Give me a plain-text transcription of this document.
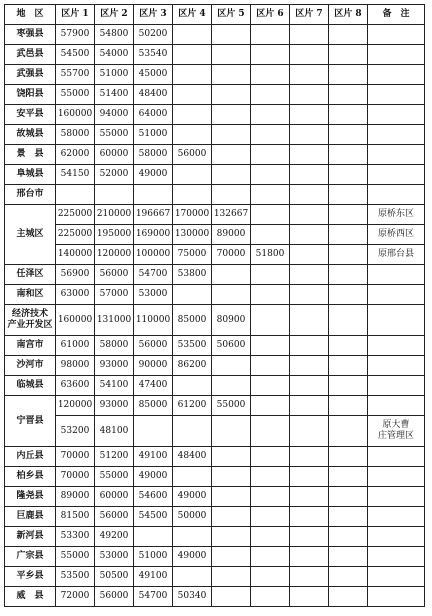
地　区	区片 1	区片 2	区片 3	区片 4	区片 5	区片 6	区片 7	区片 8	备　注
枣强县	57900	54800	50200						
武邑县	54500	54000	53540						
武强县	55700	51000	45000						
饶阳县	55000	51400	48400						
安平县	160000	94000	64000						
故城县	58000	55000	51000						
景　县	62000	60000	58000	56000					
阜城县	54150	52000	49000						
邢台市									
主城区	225000	210000	196667	170000	132667				原桥东区
	225000	195000	169000	130000	89000				原桥西区
	140000	120000	100000	75000	70000	51800			原邢台县
任泽区	56900	56000	54700	53800					
南和区	63000	57000	53000						
经济技术
产业开发区	160000	131000	110000	85000	80900				
南宫市	61000	58000	56000	53500	50600				
沙河市	98000	93000	90000	86200					
临城县	63600	54100	47400						
宁晋县	120000	93000	85000	61200	55000				
	53200	48100							原大曹
庄管理区
内丘县	70000	51200	49100	48400					
柏乡县	70000	55000	49000						
隆尧县	89000	60000	54600	49000					
巨鹿县	81500	56000	54500	50000					
新河县	53300	49200							
广宗县	55000	53000	51000	49000					
平乡县	53500	50500	49100						
威　县	72000	56000	54700	50340					
